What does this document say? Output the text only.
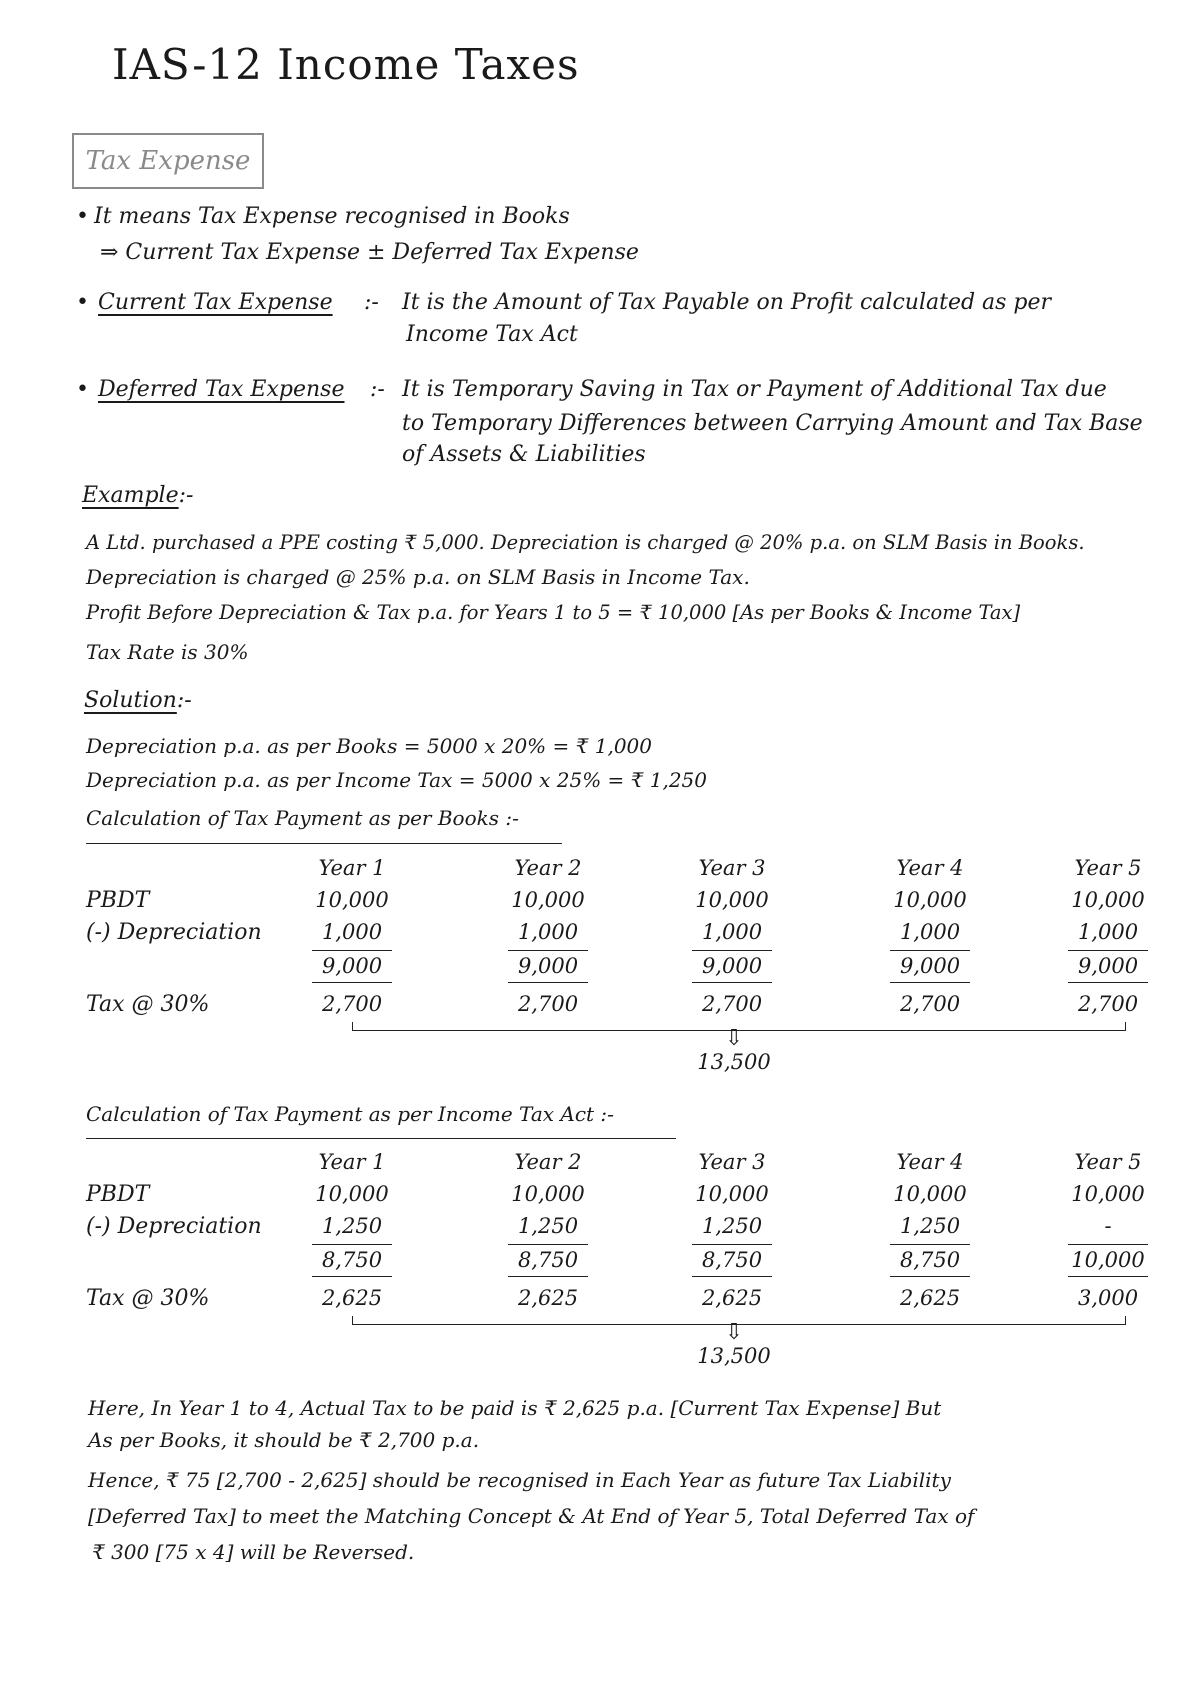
IAS-12 Income Taxes
Tax Expense
• It means Tax Expense recognised in Books
⇒ Current Tax Expense ± Deferred Tax Expense
• Current Tax Expense :- It is the Amount of Tax Payable on Profit calculated as per
Income Tax Act
• Deferred Tax Expense :- It is Temporary Saving in Tax or Payment of Additional Tax due
to Temporary Differences between Carrying Amount and Tax Base
of Assets & Liabilities
Example:-
A Ltd. purchased a PPE costing ₹ 5,000. Depreciation is charged @ 20% p.a. on SLM Basis in Books.
Depreciation is charged @ 25% p.a. on SLM Basis in Income Tax.
Profit Before Depreciation & Tax p.a. for Years 1 to 5 = ₹ 10,000 [As per Books & Income Tax]
Tax Rate is 30%
Solution:-
Depreciation p.a. as per Books = 5000 x 20% = ₹ 1,000
Depreciation p.a. as per Income Tax = 5000 x 25% = ₹ 1,250
Calculation of Tax Payment as per Books :-
PBDT
(-) Depreciation
Tax @ 30%
Year 1
10,000
1,000
9,000
2,700
Year 2
10,000
1,000
9,000
2,700
Year 3
10,000
1,000
9,000
2,700
Year 4
10,000
1,000
9,000
2,700
Year 5
10,000
1,000
9,000
2,700
⇩
13,500
Calculation of Tax Payment as per Income Tax Act :-
PBDT
(-) Depreciation
Tax @ 30%
Year 1
10,000
1,250
8,750
2,625
Year 2
10,000
1,250
8,750
2,625
Year 3
10,000
1,250
8,750
2,625
Year 4
10,000
1,250
8,750
2,625
Year 5
10,000
-
10,000
3,000
⇩
13,500
Here, In Year 1 to 4, Actual Tax to be paid is ₹ 2,625 p.a. [Current Tax Expense] But
As per Books, it should be ₹ 2,700 p.a.
Hence, ₹ 75 [2,700 - 2,625] should be recognised in Each Year as future Tax Liability
[Deferred Tax] to meet the Matching Concept & At End of Year 5, Total Deferred Tax of
₹ 300 [75 x 4] will be Reversed.
